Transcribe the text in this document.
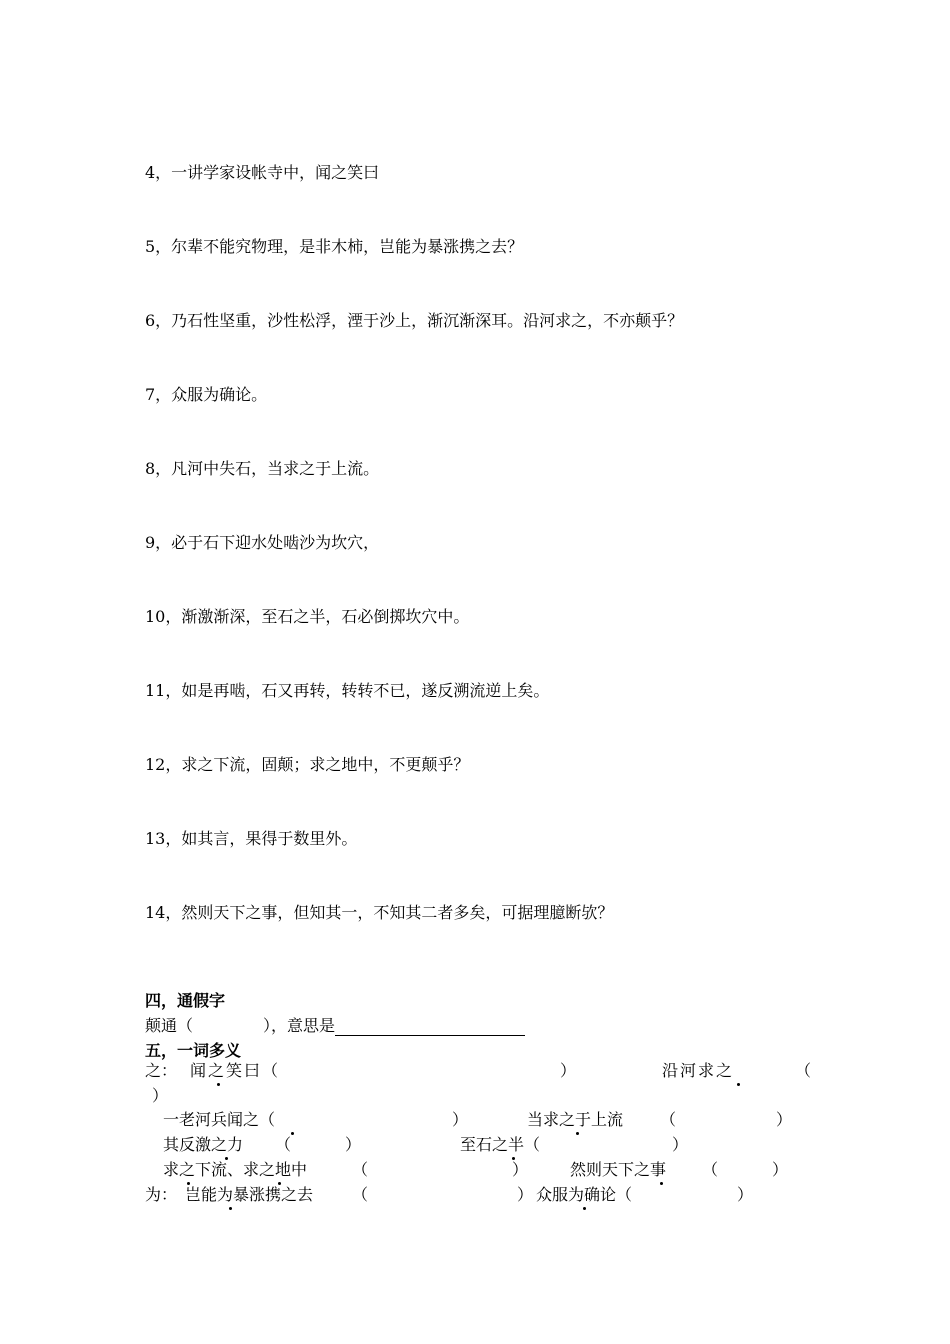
4，一讲学家设帐寺中，闻之笑曰
5，尔辈不能究物理，是非木柿，岂能为暴涨携之去？
6，乃石性坚重，沙性松浮，湮于沙上，渐沉渐深耳。沿河求之，不亦颠乎？
7，众服为确论。
8，凡河中失石，当求之于上流。
9，必于石下迎水处啮沙为坎穴，
10，渐激渐深，至石之半，石必倒掷坎穴中。
11，如是再啮，石又再转，转转不已，遂反溯流逆上矣。
12，求之下流，固颠；求之地中，不更颠乎？
13，如其言，果得于数里外。
14，然则天下之事，但知其一，不知其二者多矣，可据理臆断欤？
四，通假字
颠通（	），意思是
五，一词多义
之： 闻之笑曰（	）	沿河求之	（
）
一老河兵闻之（	）	当求之于上流 （	）
其反激之力 （	）	至石之半（	）
求之下流、求之地中	（	）	然则天下之事 （	）
为： 岂能为暴涨携之去 （	） 众服为确论（	）
